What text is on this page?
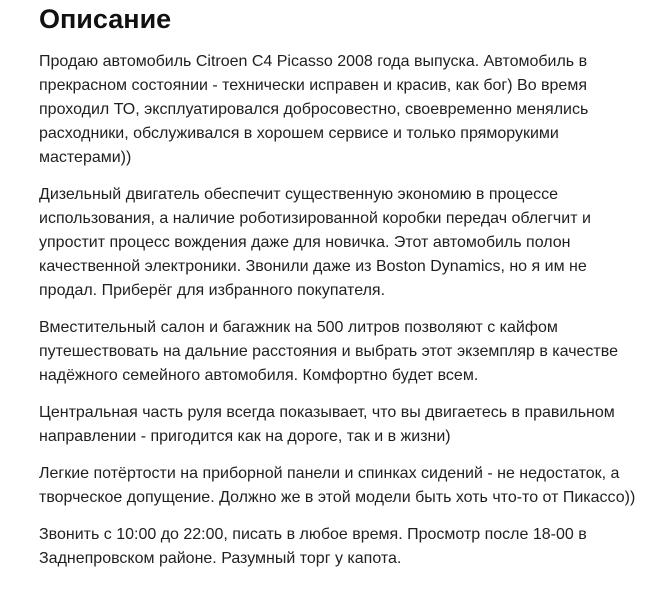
Описание

Продаю автомобиль Citroen C4 Picasso 2008 года выпуска. Автомобиль в прекрасном состоянии - технически исправен и красив, как бог) Во время проходил ТО, эксплуатировался добросовестно, своевременно менялись расходники, обслуживался в хорошем сервисе и только пряморукими мастерами))

Дизельный двигатель обеспечит существенную экономию в процессе использования, а наличие роботизированной коробки передач облегчит и упростит процесс вождения даже для новичка. Этот автомобиль полон качественной электроники. Звонили даже из Boston Dynamics, но я им не продал. Приберёг для избранного покупателя.

Вместительный салон и багажник на 500 литров позволяют с кайфом путешествовать на дальние расстояния и выбрать этот экземпляр в качестве надёжного семейного автомобиля. Комфортно будет всем.

Центральная часть руля всегда показывает, что вы двигаетесь в правильном направлении - пригодится как на дороге, так и в жизни)

Легкие потёртости на приборной панели и спинках сидений - не недостаток, а творческое допущение. Должно же в этой модели быть хоть что-то от Пикассо))

Звонить с 10:00 до 22:00, писать в любое время. Просмотр после 18-00 в Заднепровском районе. Разумный торг у капота.
